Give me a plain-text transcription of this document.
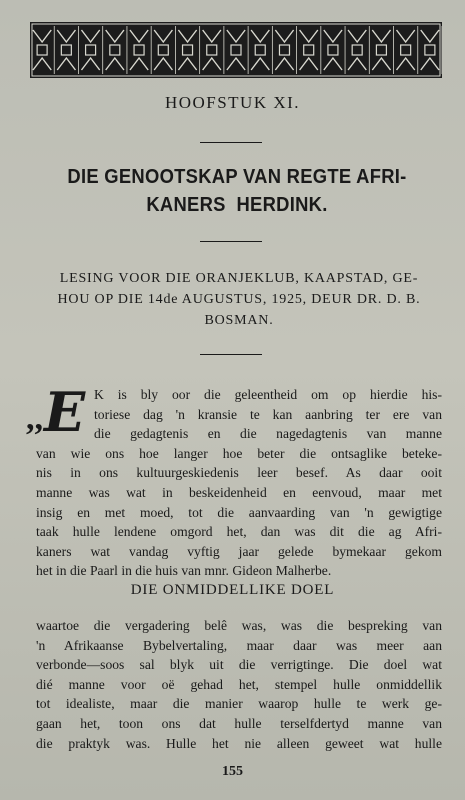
HOOFSTUK XI.
DIE GENOOTSKAP VAN REGTE AFRI-
KANERS  HERDINK.
LESING VOOR DIE ORANJEKLUB, KAAPSTAD, GE-
HOU OP DIE 14de AUGUSTUS, 1925, DEUR DR. D. B.
BOSMAN.
,, E K is bly oor die geleentheid om op hierdie his-
toriese dag 'n kransie te kan aanbring ter ere van
die gedagtenis en die nagedagtenis van manne
van wie ons hoe langer hoe beter die ontsaglike beteke-
nis in ons kultuurgeskiedenis leer besef. As daar ooit
manne was wat in beskeidenheid en eenvoud, maar met
insig en met moed, tot die aanvaarding van 'n gewigtige
taak hulle lendene omgord het, dan was dit die ag Afri-
kaners wat vandag vyftig jaar gelede bymekaar gekom
het in die Paarl in die huis van mnr. Gideon Malherbe.
DIE ONMIDDELLIKE DOEL
waartoe die vergadering belê was, was die bespreking van
'n Afrikaanse Bybelvertaling, maar daar was meer aan
verbonde—soos sal blyk uit die verrigtinge. Die doel wat
dié manne voor oë gehad het, stempel hulle onmiddellik
tot idealiste, maar die manier waarop hulle te werk ge-
gaan het, toon ons dat hulle terselfdertyd manne van
die praktyk was. Hulle het nie alleen geweet wat hulle
155
